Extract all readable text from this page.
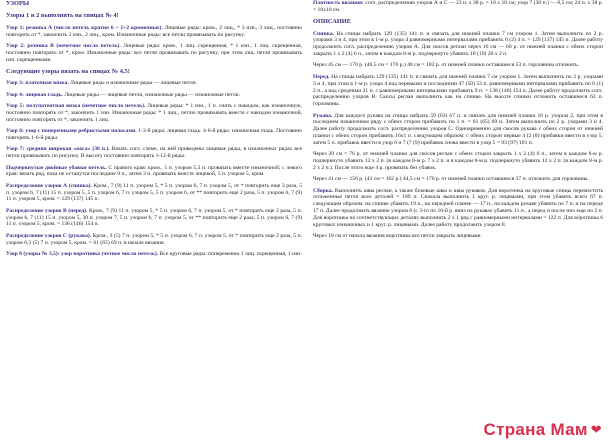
УЗОРЫ

Узоры 1 и 2 выполнять на спицах № 4!

Узор 1: резинка А (число петель кратно 6 + 1+2 кромочные). Лицевые ряды: кром., 2 лиц., * 3 изн., 3 лиц., постоянно повторять от *, закончить 3 изн., 2 лиц., кром. Изнаночные ряды: все петли провязывать по рисунку.

Узор 2: резинка В (нечетное число петель). Лицевые ряды: кром., 1 лиц. скрещенная, * 1 изн., 1 лиц. скрещенная, постоянно повторять от *, кром. Изнаночные ряды: все петли провязывать по рисунку, при этом лиц. петли провязывать изн. скрещенными.

Следующие узоры вязать на спицах № 4,5!

Узор 3: платочная вязка. Лицевые ряды и изнаночные ряды — лицевые петли.

Узор 4: лицевая гладь. Лицевые ряды — лицевые петли, изнаночные ряды — изнаночные петли.

Узор 5: полупатентная вязка (нечетное число петель). Лицевые ряды: * 1 изн., 1 п. снять с накидом, как изнаночную, постоянно повторять от *, закончить 1 изн. Изнаночные ряды: * 1 лиц., петлю провязывать вместе с накидом изнаночной, постоянно повторять от *, закончить 1 лиц.

Узор 6: узор с поперечными ребристыми полосами. 1-3-й ряды: лицевая гладь. 4-6-й ряды: изнаночная гладь. Постоянно повторять 1-6-й ряды.

Узор 7: средняя широкая «коса» (30 п.). Вязать согл. схеме, на ней приведены лицевые ряды, в изнаночных рядах все петли провязывать по рисунку. В высоту постоянно повторять 1-12-й ряды.

Подчеркнутые двойные убавки петель. С правого края: кром., 5 п. узором 5,3 п. провязать вместе изнаночной; с левого края: вязать ряд, пока не останутся последние 9 п., затем 3 п. провязать вместе лицевой, 5 п. узором 5, кром.

Распределение узоров А (спинка). Кром., 7 (9) 11 п. узором 5, * 5 п. узором 6, 7 п. узором 5, от * повторить еще 3 раза, 5 п. узором 6, 7 (11) 15 п. узором 5, 5 п. узором 6, 7 п. узором 5, 5 п. узором 6, от ** повторить еще 2 раза, 5 п. узором 6, 7 (9) 11 п. узором 5, кром. = 129 (137) 145 п.

Распределение узоров В (перед). Кром., 7 (9) 11 п. узором 5, * 5 п. узором 6, 7 п. узором 5, от * повторить еще 2 раза, 5 п. узором 6, 7 (11) 15 п. узором 5, 30 п. узором 7, 5 п. узором 6, 7 п. узором 5, от ** повторить еще 2 раза, 5 п. узором 6, 7 (9) 11 п. узором 5, кром. = 138 (146) 154 п.

Распределение узоров С (рукава). Кром., 3 (5) 7 п. узором 5, * 5 п. узором 6, 7 п. узором 5, от * повторить еще 2 раза, 5 п. узором 6,3 (5) 7 п. узором 5, кром. = 61 (65) 69 п. в начале вязания.

Узор 8 (узоры № 3,5): узор воротника (четное число петель). Все круговые ряды: попеременно 1 лиц. скрещенная, 1 изн.

Плотность вязания: согл. распределению узоров А и С — 23 п. х 38 р. = 10 х 10 см; узор 7 (30 п.) — 8,5 см; 24 п. х 38 р. = 10х10 см.

ОПИСАНИЕ

Спинка. На спицы набрать 129 (135) 141 п. и связать для нижней планки 7 см узором 1. Затем выполнить по 2 р. узорами 3 и 4, при этом в 1-м р. узора 4 равномерными интервалами прибавить 0 (2) 4 п. = 129 (137) 145 п. Далее работу продолжить согл. распределению узоров А. Для скосов реглан через 16 см — 60 р. от нижней планки с обеих сторон закрыть 1 х 2 (4) 6 п., затем в каждом 8-м р. подчеркнуто убавить 18 (19) 20 х 2 п.

Через 45 см — 170 р. (46,5 см = 176 р.) 48 см = 182 р. от нижней планки оставшиеся 53 п. горловины отложить.

Перед. На спицы набрать 129 (135) 141 п. и связать для нижней планки 7 см узором 1. Затем выполнить по 2 р. узорами 3 и 4, при этом в 1-м р. узора 4 над перевыми и последними 47 (50) 53 п. равномерными интервалами прибавить по 0 (1) 2 п., а над средними 21 п. с равномерными интервалами прибавить 9 п. = 138 (146) 154 п. Далее работу продолжить согл. распределению узоров В. Скосы реглан выполнить как на спинке. На высоте спинки отложить оставшиеся 62 п. горловины.

Рукава. Для каждого рукава на спицы набрать 59 (63) 67 п. и связать для нижней планки 16 р. узором 2, при этом в последнем изнаночном ряду с обеих сторон прибавить по 1 п. = 61 (65) 69 п. Затем выполнить по 2 р. узорами 3 и 4. Далее работу продолжить согл. распределению узоров С. Одновременно для скосов рукава с обеих сторон от нижней планки с обеих сторон прибавить 16х1 п. следующим образом: с обеих сторон первые 4 (2 (0) прибавки ввести в узор 5, затем 5 п. прибавок ввести в узор 6 и 7 (7 (9) прибавок снова ввести в узор 5 = 93 (97) 101 п.

Через 20 см = 76 р. от нижней планки для скосов реглан с обеих сторон закрыть 1 х 2 (4) 6 п., затем в каждом 8-м р. подчеркнуто убавить 12 х 2 п. (в каждом 8-м р. 7 х 2 п. и в каждом 8-м р. подчеркнуто убавить 12 х 2 п. (в каждом 8-м р. 2 х 2 п.). После этого еще 4 р. провязать без убавок.

Через 41 см — 156 р. (43 см = 162 р.) 44,5 см = 170 р. от нижней планки оставшиеся 37 п. отложить для горловины.

Сборка. Выполнить швы реглан, а также боковые швы и швы рукавов. Для воротника на круговые спицы переместить отложенные петли всех деталей = 189 п. Сначала выполнить 1 круг. р. лицевыми, при этом убавить всего 67 п. следующим образом: на спинке убавить 19 п., на передней планке — 17 п., на каждом рукаве убавить по 7 п. и на переде 17 п. Далее продолжить вязание узором 8 (с 3-го по 10-й р. вниз на рукавах убавить 11 п., а перед и после них еще по 2 п. Для воротника на соответствующих деталях выполнить 2 х 1 ряд с равномерными интервалами = 122 п. Для воротника 6 круговых изнаночных и 1 круг. р. лицевыми. Далее работу продолжить узором 8.

Через 10 см от начала вязания воротника все петли закрыть лицевыми.

Страна Мам ❤
